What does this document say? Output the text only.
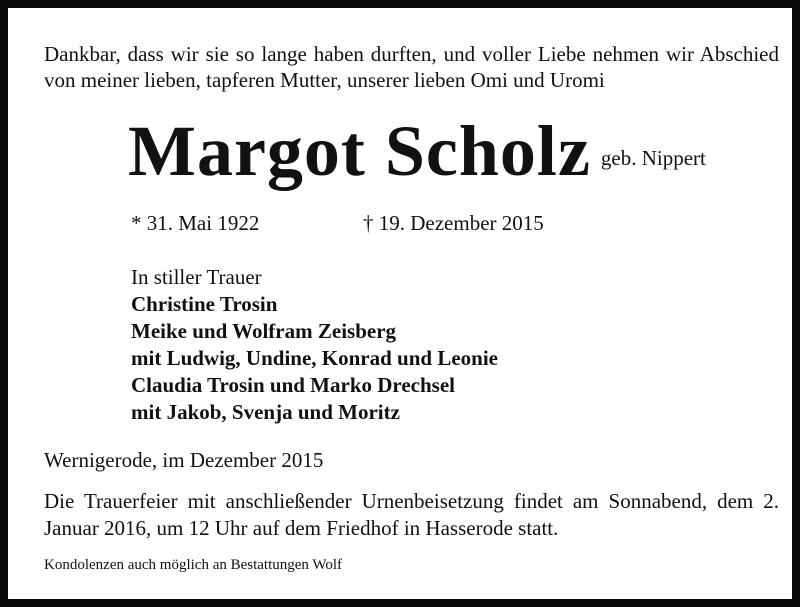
Dankbar, dass wir sie so lange haben durften, und voller Liebe nehmen wir Abschied von meiner lieben, tapferen Mutter, unserer lieben Omi und Uromi

Margot Scholz geb. Nippert
* 31. Mai 1922	† 19. Dezember 2015
In stiller Trauer
Christine Trosin
Meike und Wolfram Zeisberg
mit Ludwig, Undine, Konrad und Leonie
Claudia Trosin und Marko Drechsel
mit Jakob, Svenja und Moritz
Wernigerode, im Dezember 2015

Die Trauerfeier mit anschließender Urnenbeisetzung findet am Sonnabend, dem 2. Januar 2016, um 12 Uhr auf dem Friedhof in Hasserode statt.

Kondolenzen auch möglich an Bestattungen Wolf
